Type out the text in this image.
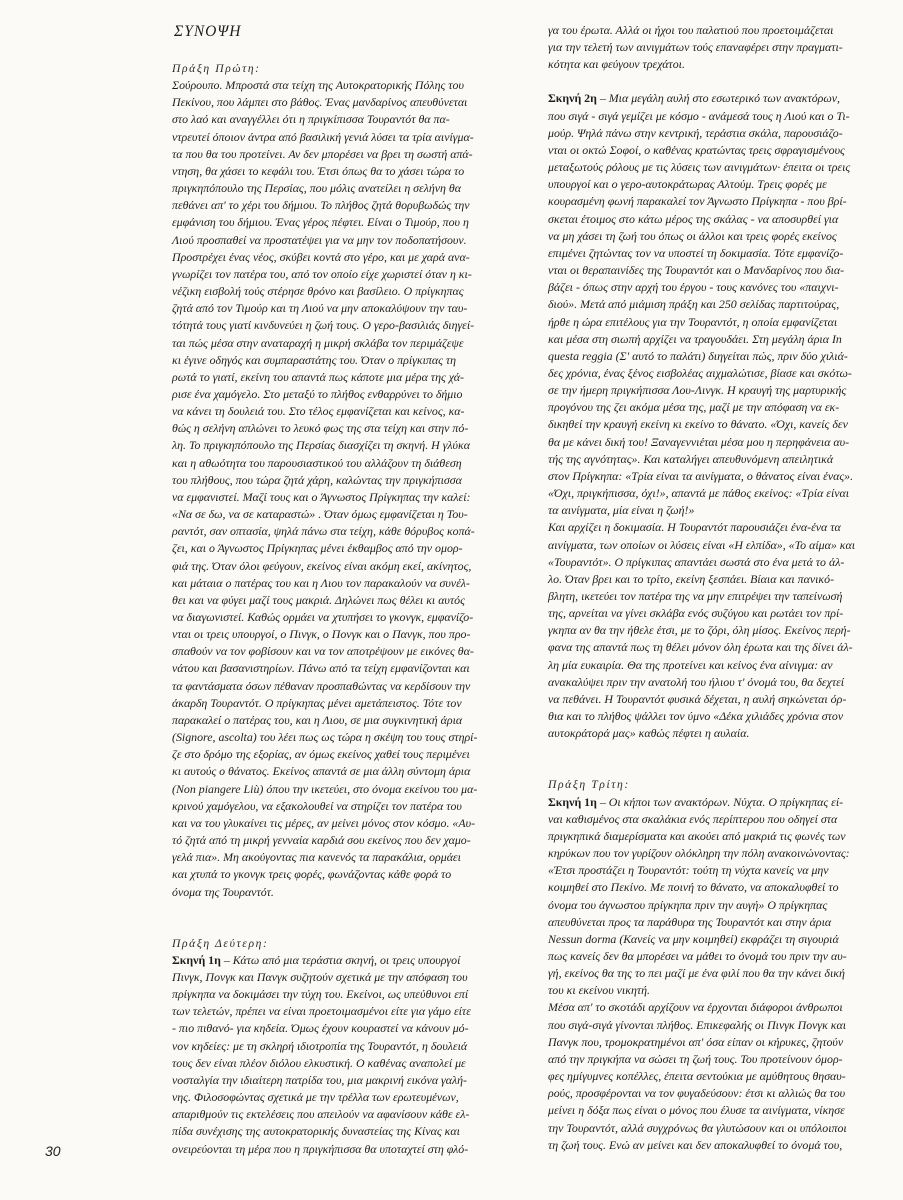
ΣΥΝΟΨΗ
Πράξη Πρώτη:
Σούρουπο. Μπροστά στα τείχη της Αυτοκρατορικής Πόλης του
Πεκίνου, που λάμπει στο βάθος. Ένας μανδαρίνος απευθύνεται
στο λαό και αναγγέλλει ότι η πριγκίπισσα Τουραντότ θα πα-
ντρευτεί όποιον άντρα από βασιλική γενιά λύσει τα τρία αινίγμα-
τα που θα του προτείνει. Αν δεν μπορέσει να βρει τη σωστή απά-
ντηση, θα χάσει το κεφάλι του. Έτσι όπως θα το χάσει τώρα το
πριγκηπόπουλο της Περσίας, που μόλις ανατείλει η σελήνη θα
πεθάνει απ' το χέρι του δήμιου. Το πλήθος ζητά θορυβωδώς την
εμφάνιση του δήμιου. Ένας γέρος πέφτει. Είναι ο Τιμούρ, που η
Λιού προσπαθεί να προστατέψει για να μην τον ποδοπατήσουν.
Προστρέχει ένας νέος, σκύβει κοντά στο γέρο, και με χαρά ανα-
γνωρίζει τον πατέρα του, από τον οποίο είχε χωριστεί όταν η κι-
νέζικη εισβολή τούς στέρησε θρόνο και βασίλειο. Ο πρίγκηπας
ζητά από τον Τιμούρ και τη Λιού να μην αποκαλύψουν την ταυ-
τότητά τους γιατί κινδυνεύει η ζωή τους. Ο γερο-βασιλιάς διηγεί-
ται πώς μέσα στην αναταραχή η μικρή σκλάβα τον περιμάζεψε
κι έγινε οδηγός και συμπαραστάτης του. Όταν ο πρίγκιπας τη
ρωτά το γιατί, εκείνη του απαντά πως κάποτε μια μέρα της χά-
ρισε ένα χαμόγελο. Στο μεταξύ το πλήθος ενθαρρύνει το δήμιο
να κάνει τη δουλειά του. Στο τέλος εμφανίζεται και κείνος, κα-
θώς η σελήνη απλώνει το λευκό φως της στα τείχη και στην πό-
λη. Το πριγκηπόπουλο της Περσίας διασχίζει τη σκηνή. Η γλύκα
και η αθωότητα του παρουσιαστικού του αλλάζουν τη διάθεση
του πλήθους, που τώρα ζητά χάρη, καλώντας την πριγκήπισσα
να εμφανιστεί. Μαζί τους και ο Άγνωστος Πρίγκηπας την καλεί:
«Να σε δω, να σε καταραστώ» . Όταν όμως εμφανίζεται η Του-
ραντότ, σαν οπτασία, ψηλά πάνω στα τείχη, κάθε θόρυβος κοπά-
ζει, και ο Άγνωστος Πρίγκηπας μένει έκθαμβος από την ομορ-
φιά της. Όταν όλοι φεύγουν, εκείνος είναι ακόμη εκεί, ακίνητος,
και μάταια ο πατέρας του και η Λιου τον παρακαλούν να συνέλ-
θει και να φύγει μαζί τους μακριά. Δηλώνει πως θέλει κι αυτός
να διαγωνιστεί. Καθώς ορμάει να χτυπήσει το γκονγκ, εμφανίζο-
νται οι τρεις υπουργοί, ο Πινγκ, ο Πονγκ και ο Πανγκ, που προ-
σπαθούν να τον φοβίσουν και να τον αποτρέψουν με εικόνες θα-
νάτου και βασανιστηρίων. Πάνω από τα τείχη εμφανίζονται και
τα φαντάσματα όσων πέθαναν προσπαθώντας να κερδίσουν την
άκαρδη Τουραντότ. Ο πρίγκηπας μένει αμετάπειστος. Τότε τον
παρακαλεί ο πατέρας του, και η Λιου, σε μια συγκινητική άρια
(Signore, ascolta) του λέει πως ως τώρα η σκέψη του τους στηρί-
ζε στο δρόμο της εξορίας, αν όμως εκείνος χαθεί τους περιμένει
κι αυτούς ο θάνατος. Εκείνος απαντά σε μια άλλη σύντομη άρια
(Non piangere Liù) όπου την ικετεύει, στο όνομα εκείνου του μα-
κρινού χαμόγελου, να εξακολουθεί να στηρίζει τον πατέρα του
και να του γλυκαίνει τις μέρες, αν μείνει μόνος στον κόσμο. «Αυ-
τό ζητά από τη μικρή γενναία καρδιά σου εκείνος που δεν χαμο-
γελά πια». Μη ακούγοντας πια κανενός τα παρακάλια, ορμάει
και χτυπά το γκονγκ τρεις φορές, φωνάζοντας κάθε φορά το
όνομα της Τουραντότ.
Πράξη Δεύτερη:
Σκηνή 1η – Κάτω από μια τεράστια σκηνή, οι τρεις υπουργοί
Πινγκ, Πονγκ και Πανγκ συζητούν σχετικά με την απόφαση του
πρίγκηπα να δοκιμάσει την τύχη του. Εκείνοι, ως υπεύθυνοι επί
των τελετών, πρέπει να είναι προετοιμασμένοι είτε για γάμο είτε
- πιο πιθανό- για κηδεία. Όμως έχουν κουραστεί να κάνουν μό-
νον κηδείες: με τη σκληρή ιδιοτροπία της Τουραντότ, η δουλειά
τους δεν είναι πλέον διόλου ελκυστική. Ο καθένας αναπολεί με
νοσταλγία την ιδιαίτερη πατρίδα του, μια μακρινή εικόνα γαλή-
νης. Φιλοσοφώντας σχετικά με την τρέλλα των ερωτευμένων,
απαριθμούν τις εκτελέσεις που απειλούν να αφανίσουν κάθε ελ-
πίδα συνέχισης της αυτοκρατορικής δυναστείας της Κίνας και
ονειρεύονται τη μέρα που η πριγκήπισσα θα υποταχτεί στη φλό-
γα του έρωτα. Αλλά οι ήχοι του παλατιού που προετοιμάζεται
για την τελετή των αινιγμάτων τούς επαναφέρει στην πραγματι-
κότητα και φεύγουν τρεχάτοι.
Σκηνή 2η – Μια μεγάλη αυλή στο εσωτερικό των ανακτόρων,
που σιγά - σιγά γεμίζει με κόσμο - ανάμεσά τους η Λιού και ο Τι-
μούρ. Ψηλά πάνω στην κεντρική, τεράστια σκάλα, παρουσιάζο-
νται οι οκτώ Σοφοί, ο καθένας κρατώντας τρεις σφραγισμένους
μεταξωτούς ρόλους με τις λύσεις των αινιγμάτων· έπειτα οι τρεις
υπουργοί και ο γερο-αυτοκράτωρας Αλτούμ. Τρεις φορές με
κουρασμένη φωνή παρακαλεί τον Άγνωστο Πρίγκηπα - που βρί-
σκεται έτοιμος στο κάτω μέρος της σκάλας - να αποσυρθεί για
να μη χάσει τη ζωή του όπως οι άλλοι και τρεις φορές εκείνος
επιμένει ζητώντας τον να υποστεί τη δοκιμασία. Τότε εμφανίζο-
νται οι θεραπαινίδες της Τουραντότ και ο Μανδαρίνος που δια-
βάζει - όπως στην αρχή του έργου - τους κανόνες του «παιχνι-
διού». Μετά από μιάμιση πράξη και 250 σελίδας παρτιτούρας,
ήρθε η ώρα επιτέλους για την Τουραντότ, η οποία εμφανίζεται
και μέσα στη σιωπή αρχίζει να τραγουδάει. Στη μεγάλη άρια In
questa reggia (Σ' αυτό το παλάτι) διηγείται πώς, πριν δύο χιλιά-
δες χρόνια, ένας ξένος εισβολέας αιχμαλώτισε, βίασε και σκότω-
σε την ήμερη πριγκήπισσα Λου-Λινγκ. Η κραυγή της μαρτυρικής
προγόνου της ζει ακόμα μέσα της, μαζί με την απόφαση να εκ-
δικηθεί την κραυγή εκείνη κι εκείνο το θάνατο. «Όχι, κανείς δεν
θα με κάνει δική του! Ξαναγεννιέται μέσα μου η περηφάνεια αυ-
τής της αγνότητας». Και καταλήγει απευθυνόμενη απειλητικά
στον Πρίγκηπα: «Τρία είναι τα αινίγματα, ο θάνατος είναι ένας».
«Όχι, πριγκήπισσα, όχι!», απαντά με πάθος εκείνος: «Τρία είναι
τα αινίγματα, μία είναι η ζωή!»
Και αρχίζει η δοκιμασία. Η Τουραντότ παρουσιάζει ένα-ένα τα
αινίγματα, των οποίων οι λύσεις είναι «Η ελπίδα», «Το αίμα» και
«Τουραντότ». Ο πρίγκιπας απαντάει σωστά στο ένα μετά το άλ-
λο. Όταν βρει και το τρίτο, εκείνη ξεσπάει. Βίαια και πανικό-
βλητη, ικετεύει τον πατέρα της να μην επιτρέψει την ταπείνωσή
της, αρνείται να γίνει σκλάβα ενός συζύγου και ρωτάει τον πρί-
γκηπα αν θα την ήθελε έτσι, με το ζόρι, όλη μίσος. Εκείνος περή-
φανα της απαντά πως τη θέλει μόνον όλη έρωτα και της δίνει άλ-
λη μία ευκαιρία. Θα της προτείνει και κείνος ένα αίνιγμα: αν
ανακαλύψει πριν την ανατολή του ήλιου τ' όνομά του, θα δεχτεί
να πεθάνει. Η Τουραντότ φυσικά δέχεται, η αυλή σηκώνεται όρ-
θια και το πλήθος ψάλλει τον ύμνο «Δέκα χιλιάδες χρόνια στον
αυτοκράτορά μας» καθώς πέφτει η αυλαία.
Πράξη Τρίτη:
Σκηνή 1η – Οι κήποι των ανακτόρων. Νύχτα. Ο πρίγκηπας εί-
ναι καθισμένος στα σκαλάκια ενός περίπτερου που οδηγεί στα
πριγκηπικά διαμερίσματα και ακούει από μακριά τις φωνές των
κηρύκων που τον γυρίζουν ολόκληρη την πόλη ανακοινώνοντας:
«Έτσι προστάζει η Τουραντότ: τούτη τη νύχτα κανείς να μην
κοιμηθεί στο Πεκίνο. Με ποινή το θάνατο, να αποκαλυφθεί το
όνομα του άγνωστου πρίγκηπα πριν την αυγή» Ο πρίγκηπας
απευθύνεται προς τα παράθυρα της Τουραντότ και στην άρια
Nessun dorma (Κανείς να μην κοιμηθεί) εκφράζει τη σιγουριά
πως κανείς δεν θα μπορέσει να μάθει το όνομά του πριν την αυ-
γή, εκείνος θα της το πει μαζί με ένα φιλί που θα την κάνει δική
του κι εκείνου νικητή.
Μέσα απ' το σκοτάδι αρχίζουν να έρχονται διάφοροι άνθρωποι
που σιγά-σιγά γίνονται πλήθος. Επικεφαλής οι Πινγκ Πονγκ και
Πανγκ που, τρομοκρατημένοι απ' όσα είπαν οι κήρυκες, ζητούν
από την πριγκήπα να σώσει τη ζωή τους. Του προτείνουν όμορ-
φες ημίγυμνες κοπέλλες, έπειτα σεντούκια με αμύθητους θησαυ-
ρούς, προσφέρονται να τον φυγαδεύσουν: έτσι κι αλλιώς θα του
μείνει η δόξα πως είναι ο μόνος που έλυσε τα αινίγματα, νίκησε
την Τουραντότ, αλλά συγχρόνως θα γλυτώσουν και οι υπόλοιποι
τη ζωή τους. Ενώ αν μείνει και δεν αποκαλυφθεί το όνομά του,
30
